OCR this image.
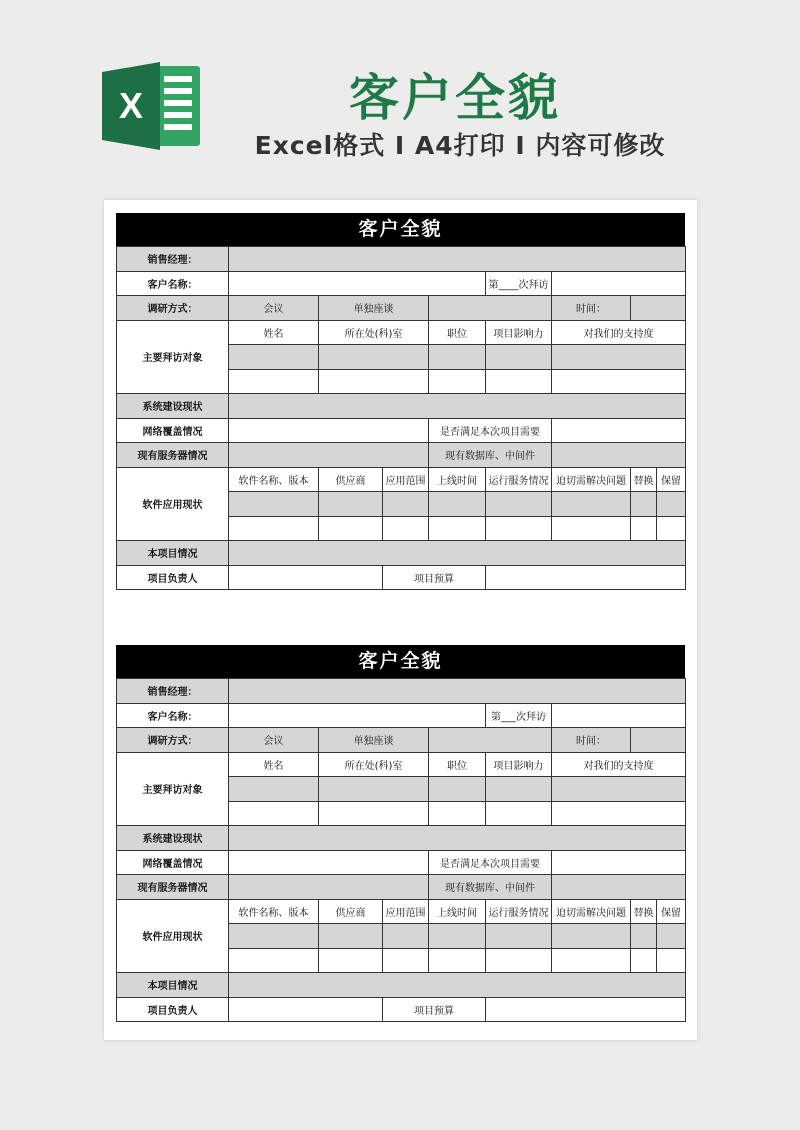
X	客户全貌
Excel格式 I A4打印 I 内容可修改
客户全貌
销售经理：								
客户名称：					第____次拜访			
调研方式：	会议	单独座谈				时间：		
主要拜访对象	姓名	所在处(科)室		职位	项目影响力	对我们的支持度		

系统建设现状								
网络覆盖情况				是否满足本次项目需要				
现有服务器情况				现有数据库、中间件				
软件应用现状	软件名称、版本	供应商	应用范围	上线时间	运行服务情况	迫切需解决问题	替换	保留

本项目情况								
项目负责人			项目预算					
客户全貌
销售经理：								
客户名称：					第___次拜访			
调研方式：	会议	单独座谈				时间：		
主要拜访对象	姓名	所在处(科)室		职位	项目影响力	对我们的支持度		

系统建设现状								
网络覆盖情况				是否满足本次项目需要				
现有服务器情况				现有数据库、中间件				
软件应用现状	软件名称、版本	供应商	应用范围	上线时间	运行服务情况	迫切需解决问题	替换	保留

本项目情况								
项目负责人			项目预算					
